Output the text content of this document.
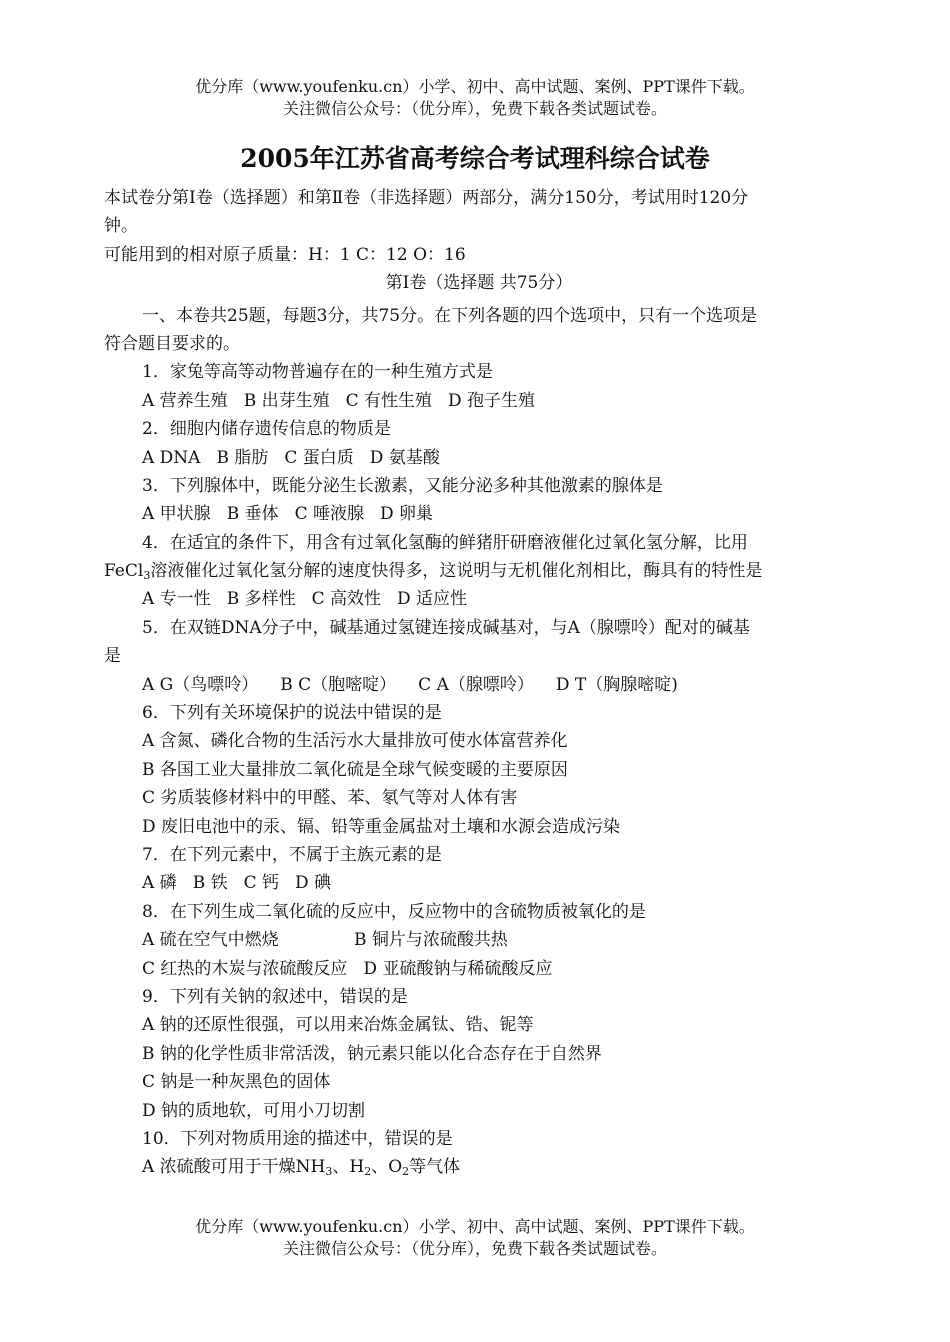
优分库（www.youfenku.cn）小学、初中、高中试题、案例、PPT课件下载。
关注微信公众号：（优分库），免费下载各类试题试卷。
2005年江苏省高考综合考试理科综合试卷
本试卷分第Ⅰ卷（选择题）和第Ⅱ卷（非选择题）两部分，满分150分，考试用时120分
钟。
可能用到的相对原子质量：H：1 C：12 O：16
第Ⅰ卷（选择题 共75分）
一、本卷共25题，每题3分，共75分。在下列各题的四个选项中，只有一个选项是
符合题目要求的。
1．家兔等高等动物普遍存在的一种生殖方式是
A 营养生殖 B 出芽生殖 C 有性生殖 D 孢子生殖
2．细胞内储存遗传信息的物质是
A DNA B 脂肪 C 蛋白质 D 氨基酸
3．下列腺体中，既能分泌生长激素，又能分泌多种其他激素的腺体是
A 甲状腺 B 垂体 C 唾液腺 D 卵巢
4．在适宜的条件下，用含有过氧化氢酶的鲜猪肝研磨液催化过氧化氢分解，比用
FeCl$_3$溶液催化过氧化氢分解的速度快得多，这说明与无机催化剂相比，酶具有的特性是
A 专一性 B 多样性 C 高效性 D 适应性
5．在双链DNA分子中，碱基通过氢键连接成碱基对，与A（腺嘌呤）配对的碱基
是
A G（鸟嘌呤） B C（胞嘧啶） C A（腺嘌呤） D T（胸腺嘧啶)
6．下列有关环境保护的说法中错误的是
A 含氮、磷化合物的生活污水大量排放可使水体富营养化
B 各国工业大量排放二氧化硫是全球气候变暖的主要原因
C 劣质装修材料中的甲醛、苯、氡气等对人体有害
D 废旧电池中的汞、镉、铅等重金属盐对土壤和水源会造成污染
7．在下列元素中，不属于主族元素的是
A 磷 B 铁 C 钙 D 碘
8．在下列生成二氧化硫的反应中，反应物中的含硫物质被氧化的是
A 硫在空气中燃烧	B 铜片与浓硫酸共热
C 红热的木炭与浓硫酸反应 D 亚硫酸钠与稀硫酸反应
9．下列有关钠的叙述中，错误的是
A 钠的还原性很强，可以用来冶炼金属钛、锆、铌等
B 钠的化学性质非常活泼，钠元素只能以化合态存在于自然界
C 钠是一种灰黑色的固体
D 钠的质地软，可用小刀切割
10．下列对物质用途的描述中，错误的是
A 浓硫酸可用于干燥$NH_3$、$H_2$、$O_2$等气体
优分库（www.youfenku.cn）小学、初中、高中试题、案例、PPT课件下载。
关注微信公众号：（优分库），免费下载各类试题试卷。
